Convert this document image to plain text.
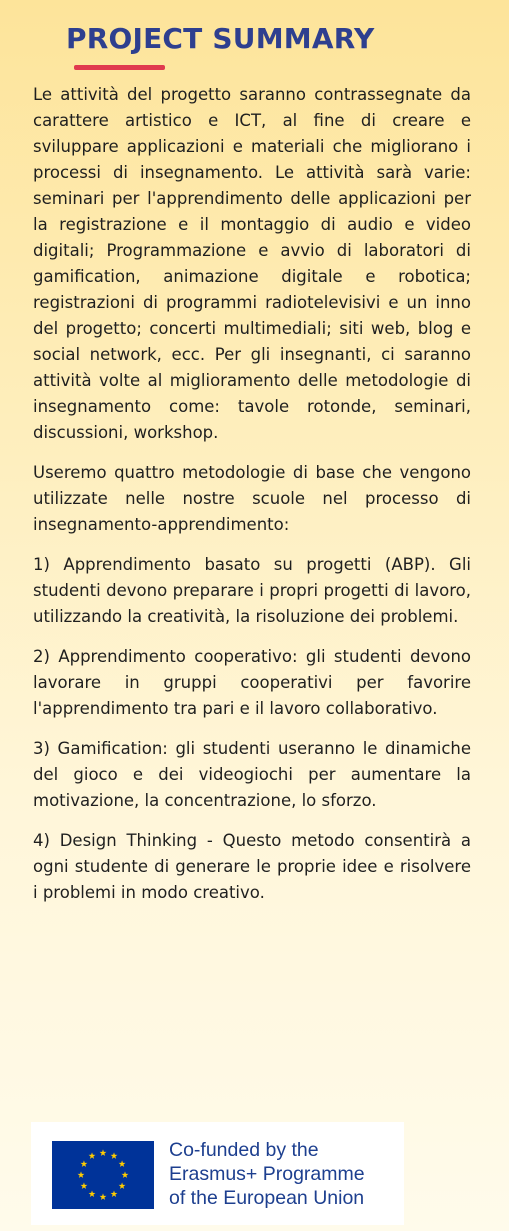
PROJECT SUMMARY

Le attività del progetto saranno contrassegnate da carattere artistico e ICT, al fine di creare e sviluppare applicazioni e materiali che migliorano i processi di insegnamento. Le attività sarà varie: seminari per l'apprendimento delle applicazioni per la registrazione e il montaggio di audio e video digitali; Programmazione e avvio di laboratori di gamification, animazione digitale e robotica; registrazioni di programmi radiotelevisivi e un inno del progetto; concerti multimediali; siti web, blog e social network, ecc. Per gli insegnanti, ci saranno attività volte al miglioramento delle metodologie di insegnamento come: tavole rotonde, seminari, discussioni, workshop.

Useremo quattro metodologie di base che vengono utilizzate nelle nostre scuole nel processo di insegnamento-apprendimento:

1) Apprendimento basato su progetti (ABP). Gli studenti devono preparare i propri progetti di lavoro, utilizzando la creatività, la risoluzione dei problemi.

2) Apprendimento cooperativo: gli studenti devono lavorare in gruppi cooperativi per favorire l'apprendimento tra pari e il lavoro collaborativo.

3) Gamification: gli studenti useranno le dinamiche del gioco e dei videogiochi per aumentare la motivazione, la concentrazione, lo sforzo.

4) Design Thinking - Questo metodo consentirà a ogni studente di generare le proprie idee e risolvere i problemi in modo creativo.

Co-funded by the
Erasmus+ Programme
of the European Union
